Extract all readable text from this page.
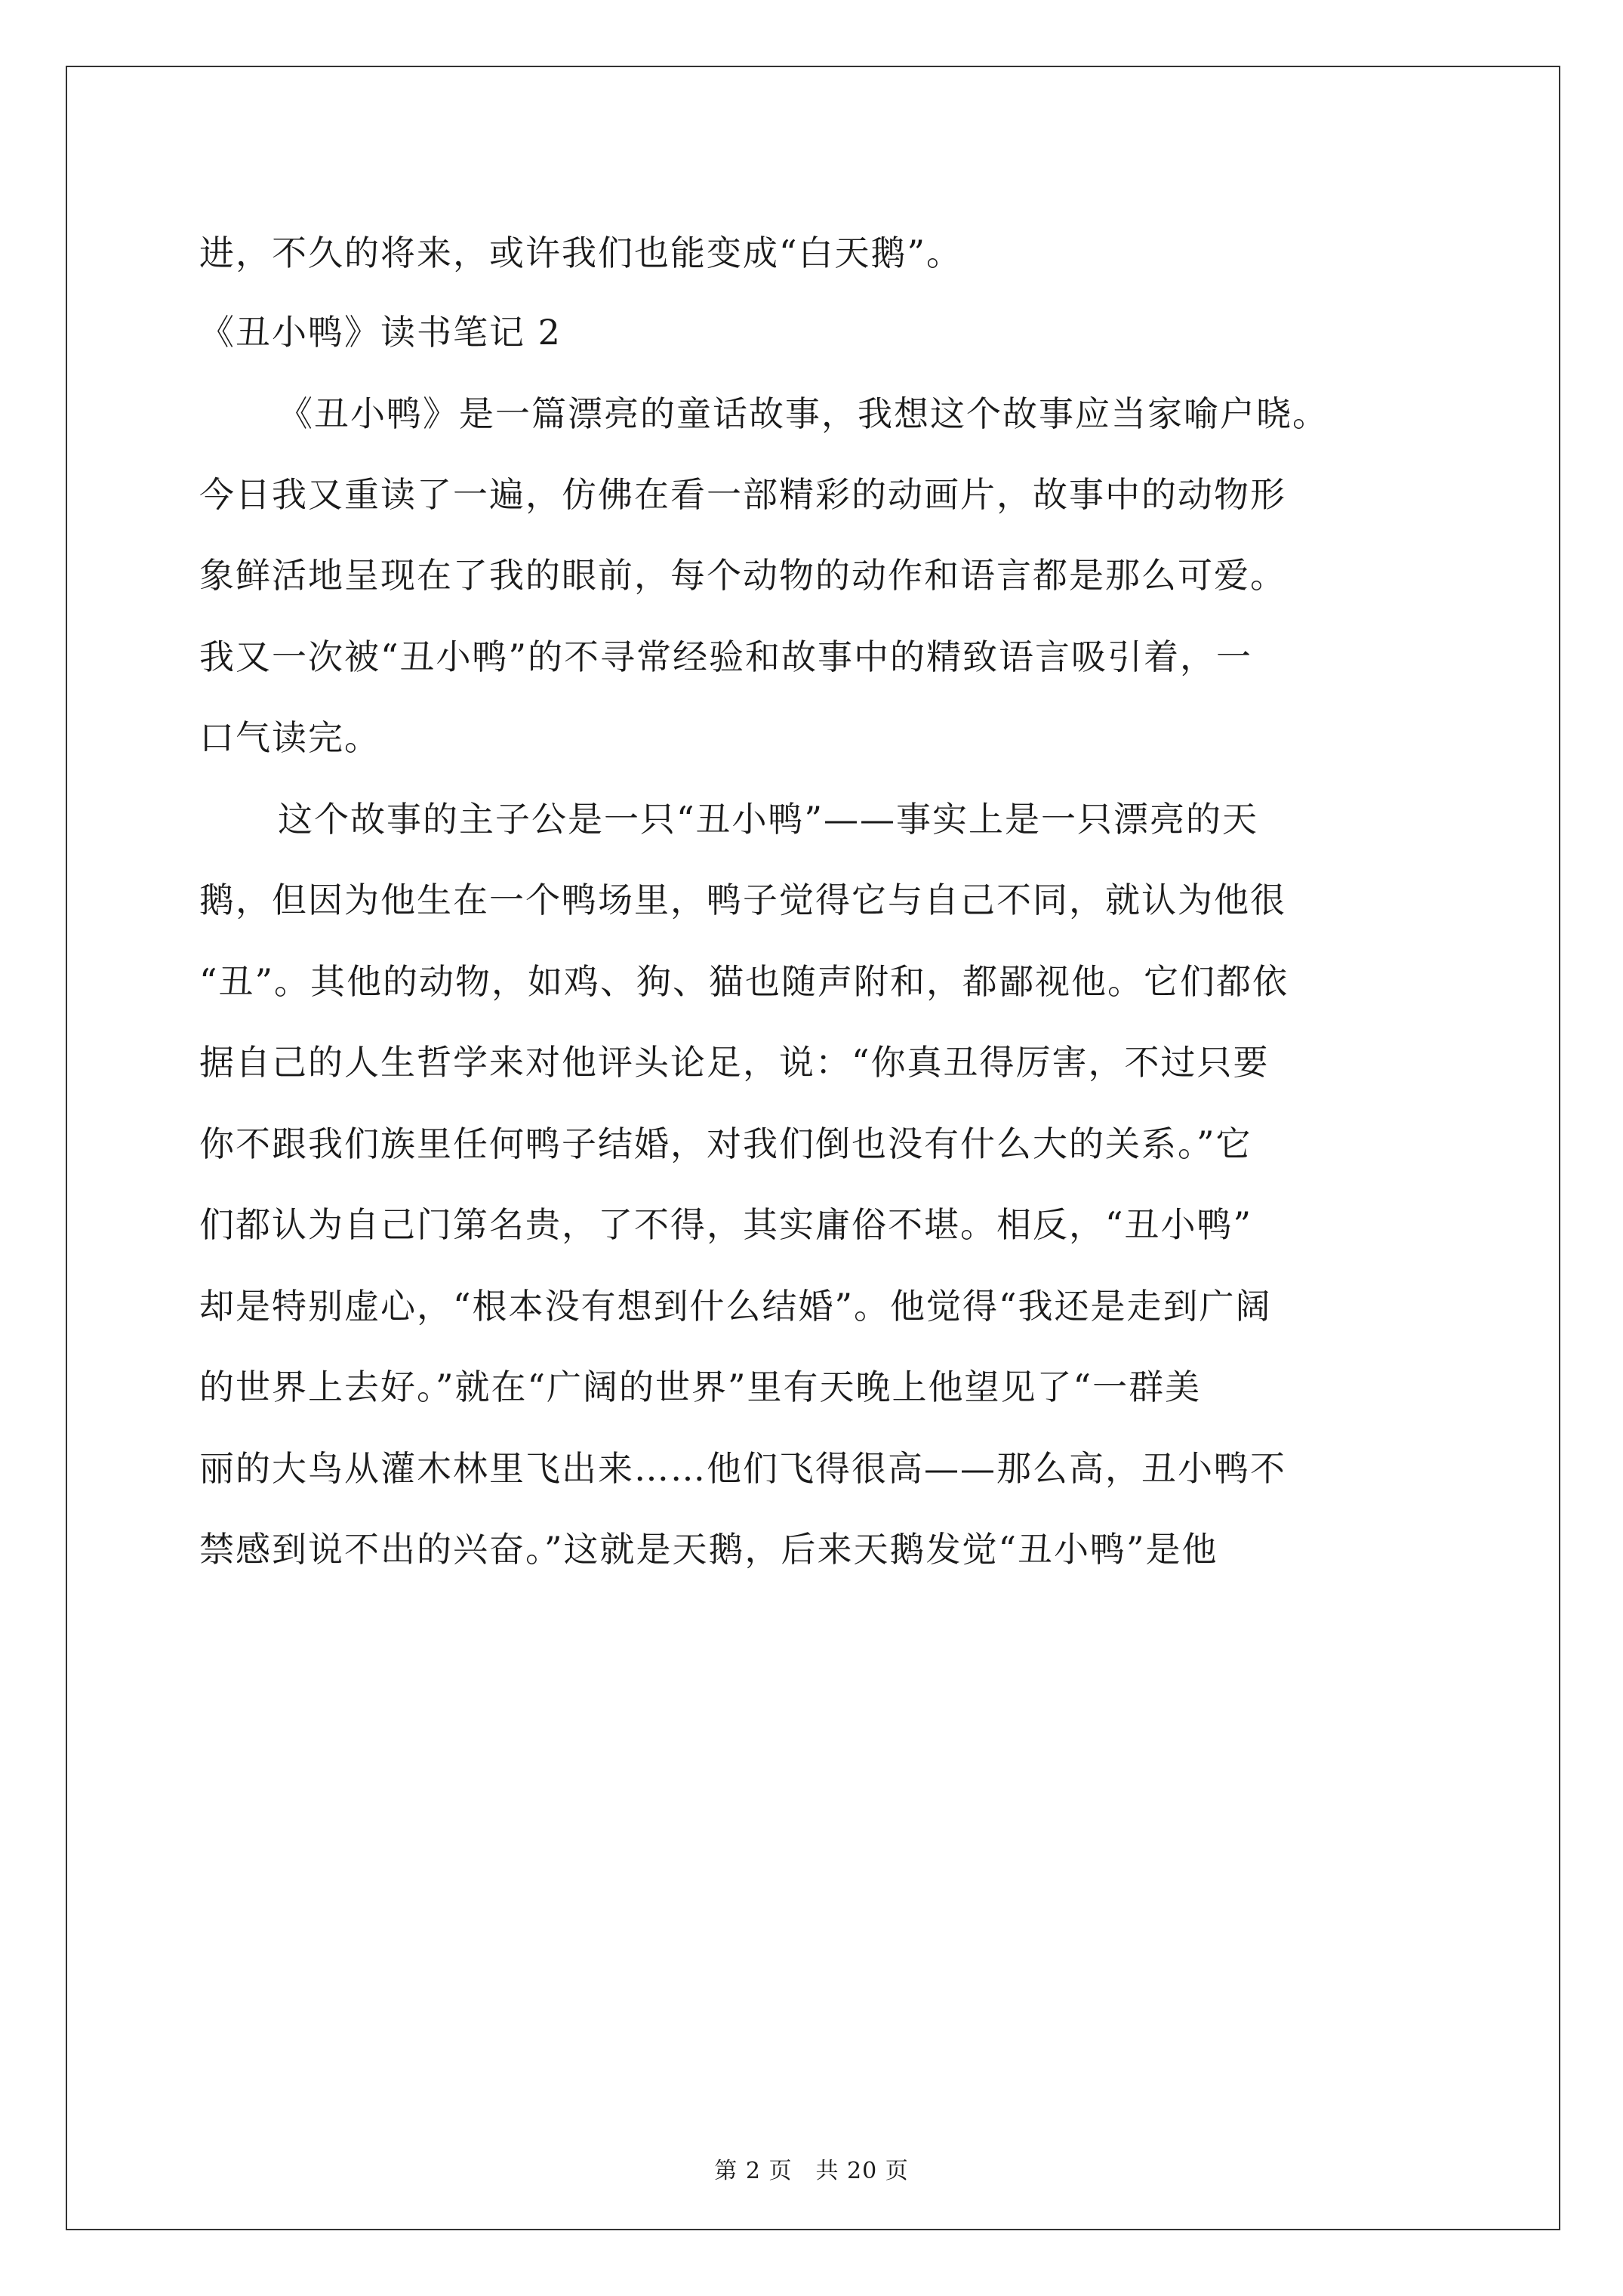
进，不久的将来，或许我们也能变成“白天鹅”。
《丑小鸭》读书笔记 2
《丑小鸭》是一篇漂亮的童话故事，我想这个故事应当家喻户晓。
今日我又重读了一遍，仿佛在看一部精彩的动画片，故事中的动物形
象鲜活地呈现在了我的眼前，每个动物的动作和语言都是那么可爱。
我又一次被“丑小鸭”的不寻常经验和故事中的精致语言吸引着，一
口气读完。
这个故事的主子公是一只“丑小鸭”——事实上是一只漂亮的天
鹅，但因为他生在一个鸭场里，鸭子觉得它与自己不同，就认为他很
“丑”。其他的动物，如鸡、狗、猫也随声附和，都鄙视他。它们都依
据自己的人生哲学来对他评头论足，说：“你真丑得厉害，不过只要
你不跟我们族里任何鸭子结婚，对我们倒也没有什么大的关系。”它
们都认为自己门第名贵，了不得，其实庸俗不堪。相反，“丑小鸭”
却是特别虚心，“根本没有想到什么结婚”。他觉得“我还是走到广阔
的世界上去好。”就在“广阔的世界”里有天晚上他望见了“一群美
丽的大鸟从灌木林里飞出来……他们飞得很高——那么高，丑小鸭不
禁感到说不出的兴奋。”这就是天鹅，后来天鹅发觉“丑小鸭”是他
第 2 页　共 20 页
